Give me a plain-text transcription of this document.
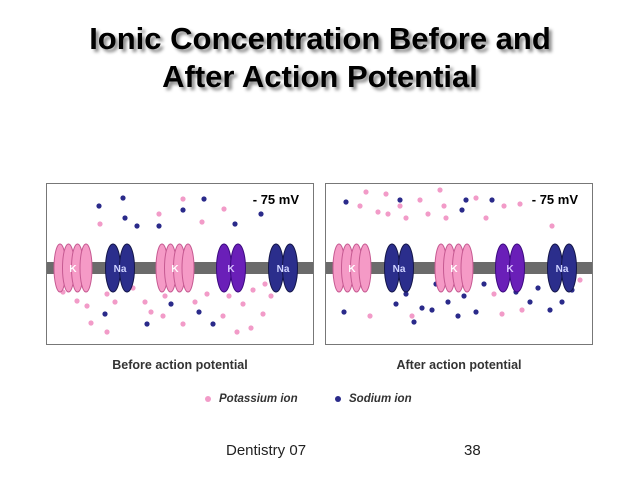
Ionic Concentration Before and
After Action Potential
K	Na	K	K	Na
- 75 mV
K	Na	K	K	Na
- 75 mV
Before action potential	After action potential
Potassium ion	Sodium ion
Dentistry 07	38
